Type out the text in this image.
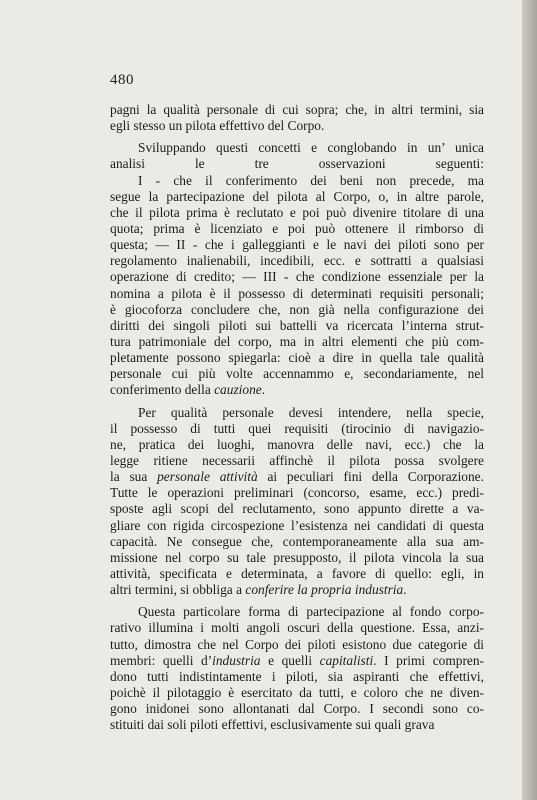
480
pagni la qualità personale di cui sopra; che, in altri termini, sia
egli stesso un pilota effettivo del Corpo.
Sviluppando questi concetti e conglobando in un’ unica
analisi le tre osservazioni seguenti:
I - che il conferimento dei beni non precede, ma
segue la partecipazione del pilota al Corpo, o, in altre parole,
che il pilota prima è reclutato e poi può divenire titolare di una
quota; prima è licenziato e poi può ottenere il rimborso di
questa; — II - che i galleggianti e le navi dei piloti sono per
regolamento inalienabili, incedibili, ecc. e sottratti a qualsiasi
operazione di credito; — III - che condizione essenziale per la
nomina a pilota è il possesso di determinati requisiti personali;
è giocoforza concludere che, non già nella configurazione dei
diritti dei singoli piloti sui battelli va ricercata l’interna strut-
tura patrimoniale del corpo, ma in altri elementi che più com-
pletamente possono spiegarla: cioè a dire in quella tale qualità
personale cui più volte accennammo e, secondariamente, nel
conferimento della cauzione.
Per qualità personale devesi intendere, nella specie,
il possesso di tutti quei requisiti (tirocinio di navigazio-
ne, pratica dei luoghi, manovra delle navi, ecc.) che la
legge ritiene necessarii affinchè il pilota possa svolgere
la sua personale attività ai peculiari fini della Corporazione.
Tutte le operazioni preliminari (concorso, esame, ecc.) predi-
sposte agli scopi del reclutamento, sono appunto dirette a va-
gliare con rigida circospezione l’esistenza nei candidati di questa
capacità. Ne consegue che, contemporaneamente alla sua am-
missione nel corpo su tale presupposto, il pilota vincola la sua
attività, specificata e determinata, a favore di quello: egli, in
altri termini, si obbliga a conferire la propria industria.
Questa particolare forma di partecipazione al fondo corpo-
rativo illumina i molti angoli oscuri della questione. Essa, anzi-
tutto, dimostra che nel Corpo dei piloti esistono due categorie di
membri: quelli d’industria e quelli capitalisti. I primi compren-
dono tutti indistintamente i piloti, sia aspiranti che effettivi,
poichè il pilotaggio è esercitato da tutti, e coloro che ne diven-
gono inidonei sono allontanati dal Corpo. I secondi sono co-
stituiti dai soli piloti effettivi, esclusivamente sui quali grava
